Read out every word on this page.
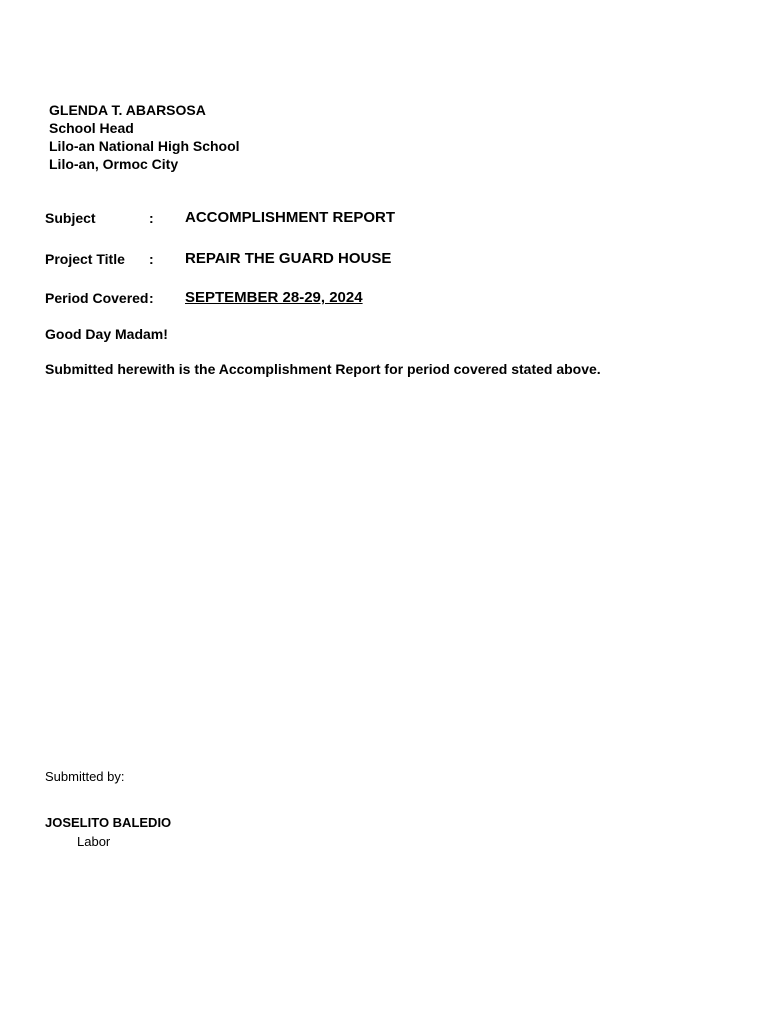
GLENDA T. ABARSOSA
School Head
Lilo-an National High School
Lilo-an, Ormoc City
Subject	: ACCOMPLISHMENT REPORT
Project Title : REPAIR THE GUARD HOUSE
Period Covered : SEPTEMBER 28-29, 2024
Good Day Madam!
Submitted herewith is the Accomplishment Report for period covered stated above.
Submitted by:
JOSELITO BALEDIO
Labor
